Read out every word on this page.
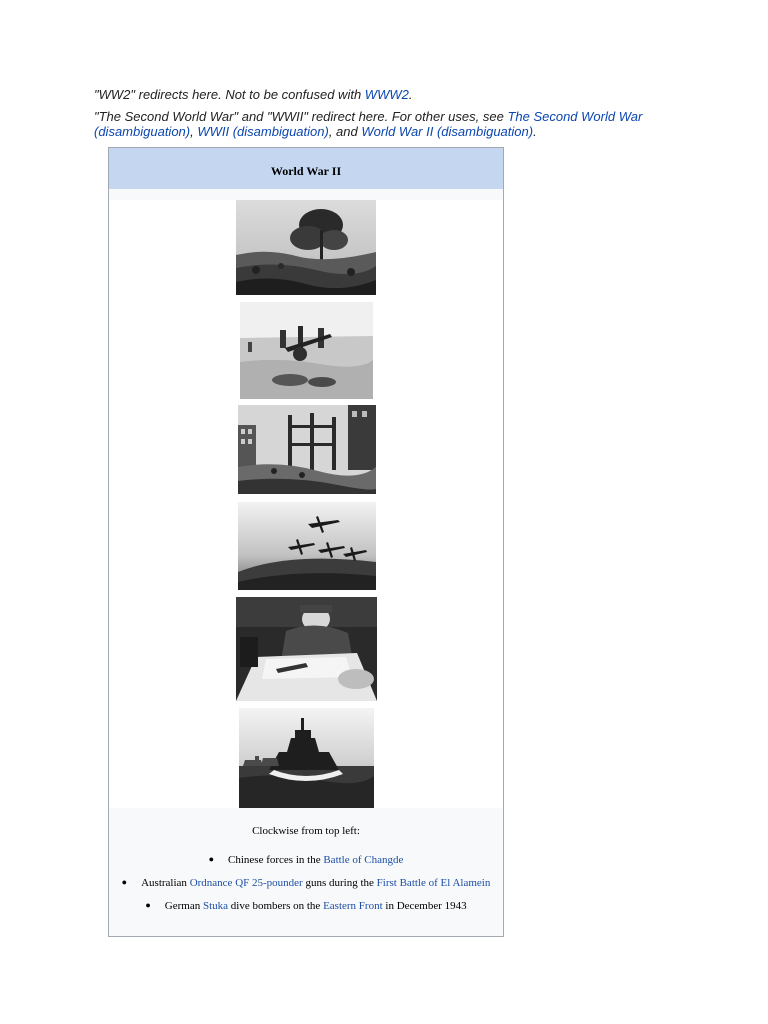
"WW2" redirects here. Not to be confused with WWW2.
"The Second World War" and "WWII" redirect here. For other uses, see The Second World War (disambiguation), WWII (disambiguation), and World War II (disambiguation).
World War II
Clockwise from top left:
● Chinese forces in the Battle of Changde
● Australian Ordnance QF 25-pounder guns during the First Battle of El Alamein
● German Stuka dive bombers on the Eastern Front in December 1943
